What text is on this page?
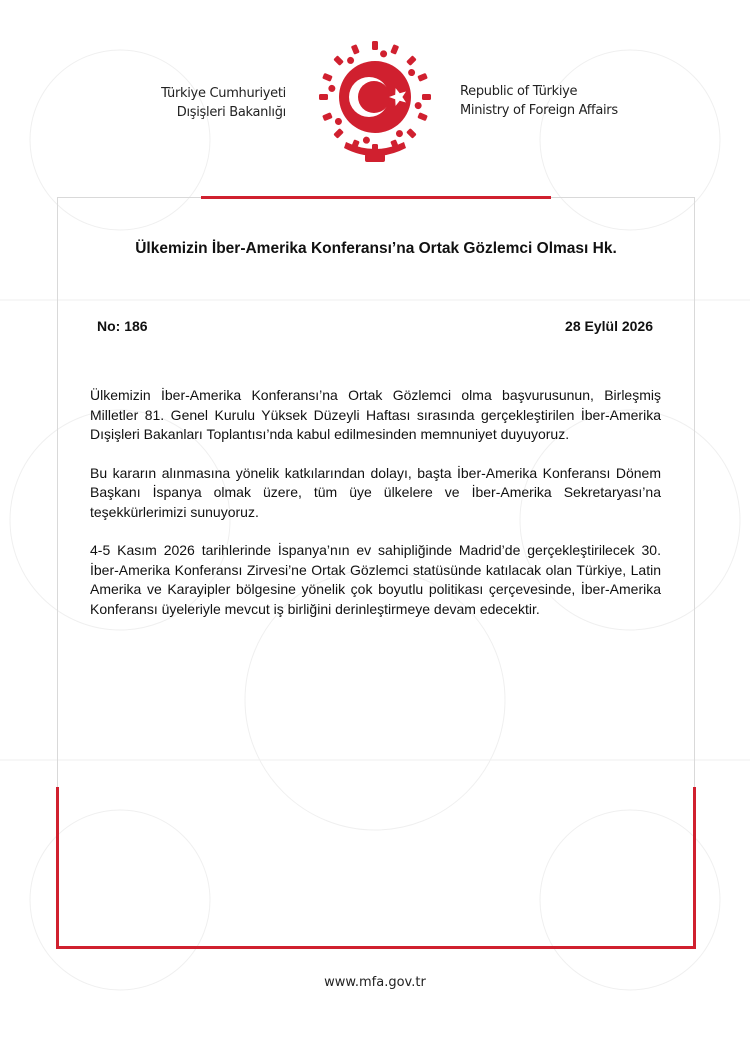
Türkiye Cumhuriyeti
Dışişleri Bakanlığı
Republic of Türkiye
Ministry of Foreign Affairs
Ülkemizin İber-Amerika Konferansı’na Ortak Gözlemci Olması Hk.
No: 186	28 Eylül 2026

Ülkemizin İber-Amerika Konferansı’na Ortak Gözlemci olma başvurusunun, Birleşmiş Milletler 81. Genel Kurulu Yüksek Düzeyli Haftası sırasında gerçekleştirilen İber-Amerika Dışişleri Bakanları Toplantısı’nda kabul edilmesinden memnuniyet duyuyoruz.

Bu kararın alınmasına yönelik katkılarından dolayı, başta İber-Amerika Konferansı Dönem Başkanı İspanya olmak üzere, tüm üye ülkelere ve İber-Amerika Sekretaryası’na teşekkürlerimizi sunuyoruz.

4-5 Kasım 2026 tarihlerinde İspanya’nın ev sahipliğinde Madrid’de gerçekleştirilecek 30. İber-Amerika Konferansı Zirvesi’ne Ortak Gözlemci statüsünde katılacak olan Türkiye, Latin Amerika ve Karayipler bölgesine yönelik çok boyutlu politikası çerçevesinde, İber-Amerika Konferansı üyeleriyle mevcut iş birliğini derinleştirmeye devam edecektir.

www.mfa.gov.tr
